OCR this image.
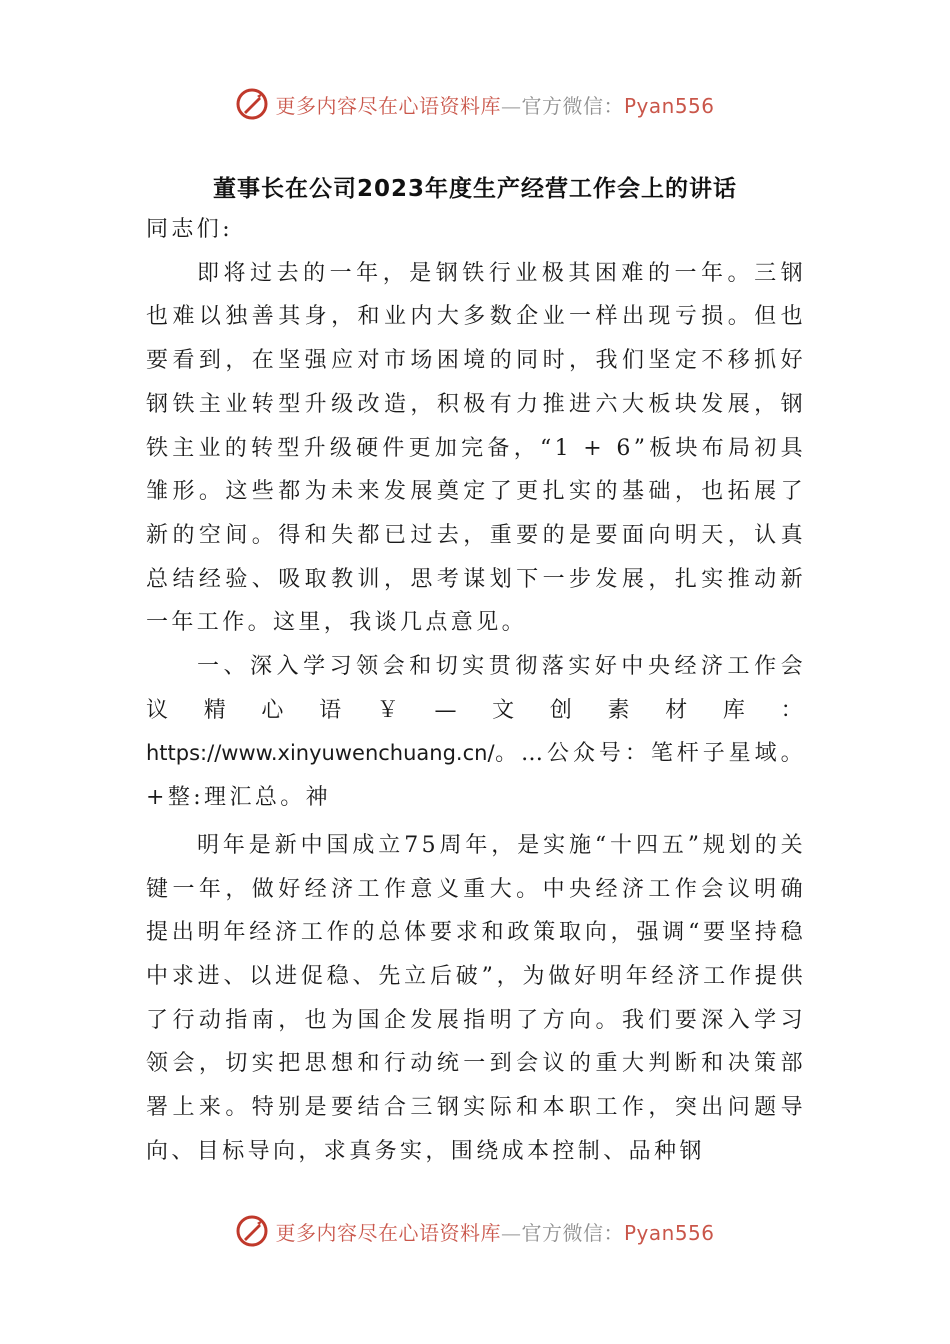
更多内容尽在心语资料库—官方微信：Pyan556
董事长在公司2023年度生产经营工作会上的讲话

同志们:

即将过去的一年，是钢铁行业极其困难的一年。三钢也难以独善其身，和业内大多数企业一样出现亏损。但也要看到，在坚强应对市场困境的同时，我们坚定不移抓好钢铁主业转型升级改造，积极有力推进六大板块发展，钢铁主业的转型升级硬件更加完备，“1 + 6”板块布局初具雏形。这些都为未来发展奠定了更扎实的基础，也拓展了新的空间。得和失都已过去，重要的是要面向明天，认真总结经验、吸取教训，思考谋划下一步发展，扎实推动新一年工作。这里，我谈几点意见。

一、深入学习领会和切实贯彻落实好中央经济工作会议精心语￥—文创素材库：https://www.xinyuwenchuang.cn/。…公众号：笔杆子星域。+整:理汇总。神

明年是新中国成立75周年，是实施“十四五”规划的关键一年，做好经济工作意义重大。中央经济工作会议明确提出明年经济工作的总体要求和政策取向，强调“要坚持稳中求进、以进促稳、先立后破”，为做好明年经济工作提供了行动指南，也为国企发展指明了方向。我们要深入学习领会，切实把思想和行动统一到会议的重大判断和决策部署上来。特别是要结合三钢实际和本职工作，突出问题导向、目标导向，求真务实，围绕成本控制、品种钢

更多内容尽在心语资料库—官方微信：Pyan556
